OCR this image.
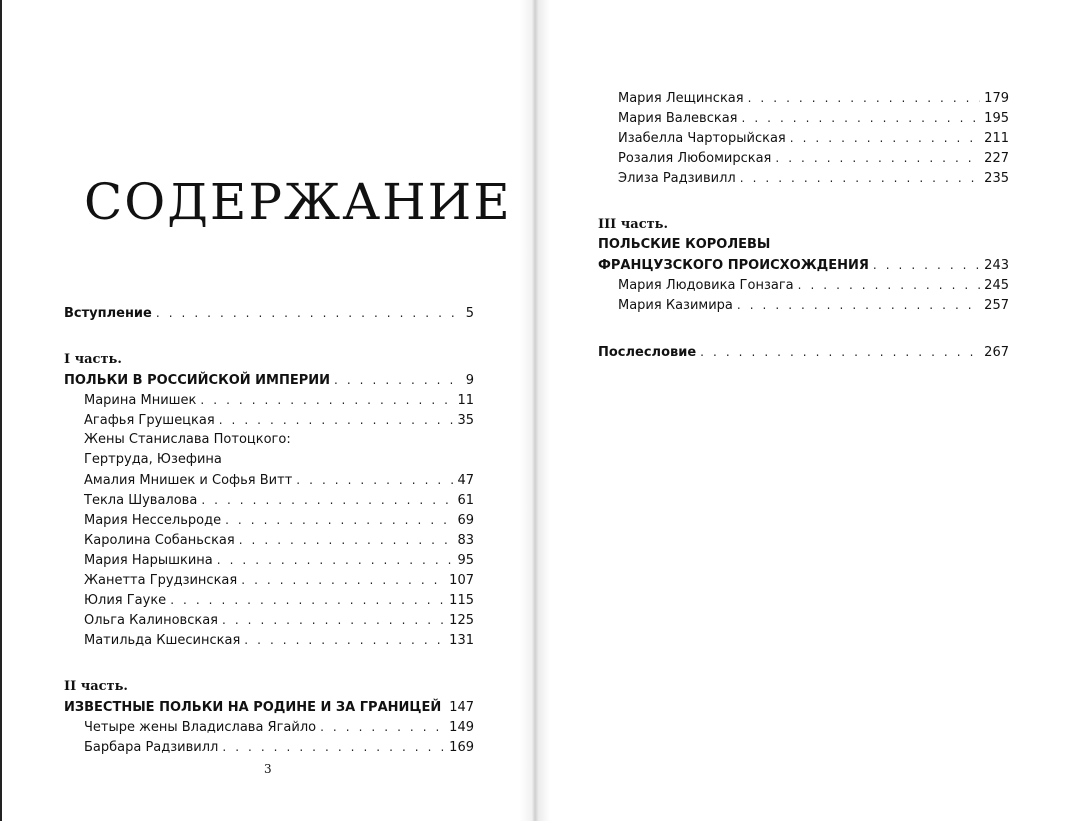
СОДЕРЖАНИЕ
Вступление . . .	5
I часть.
ПОЛЬКИ В РОССИЙСКОЙ ИМПЕРИИ . . .	9
Марина Мнишек . . .	11
Агафья Грушецкая . . .	35
Жены Станислава Потоцкого:
Гертруда, Юзефина
Амалия Мнишек и Софья Витт . . .	47
Текла Шувалова . . .	61
Мария Нессельроде . . .	69
Каролина Собаньская . . .	83
Мария Нарышкина . . .	95
Жанетта Грудзинская . . .	107
Юлия Гауке . . .	115
Ольга Калиновская . . .	125
Матильда Кшесинская . . .	131
II часть.
ИЗВЕСТНЫЕ ПОЛЬКИ НА РОДИНЕ И ЗА ГРАНИЦЕЙ 147
Четыре жены Владислава Ягайло . . .	149
Барбара Радзивилл . . .	169
3
Мария Лещинская . . .	179
Мария Валевская . . .	195
Изабелла Чарторыйская . . .	211
Розалия Любомирская . . .	227
Элиза Радзивилл . . .	235
III часть.
ПОЛЬСКИЕ КОРОЛЕВЫ
ФРАНЦУЗСКОГО ПРОИСХОЖДЕНИЯ . . .	243
Мария Людовика Гонзага . . .	245
Мария Казимира . . .	257
Послесловие . . .	267
